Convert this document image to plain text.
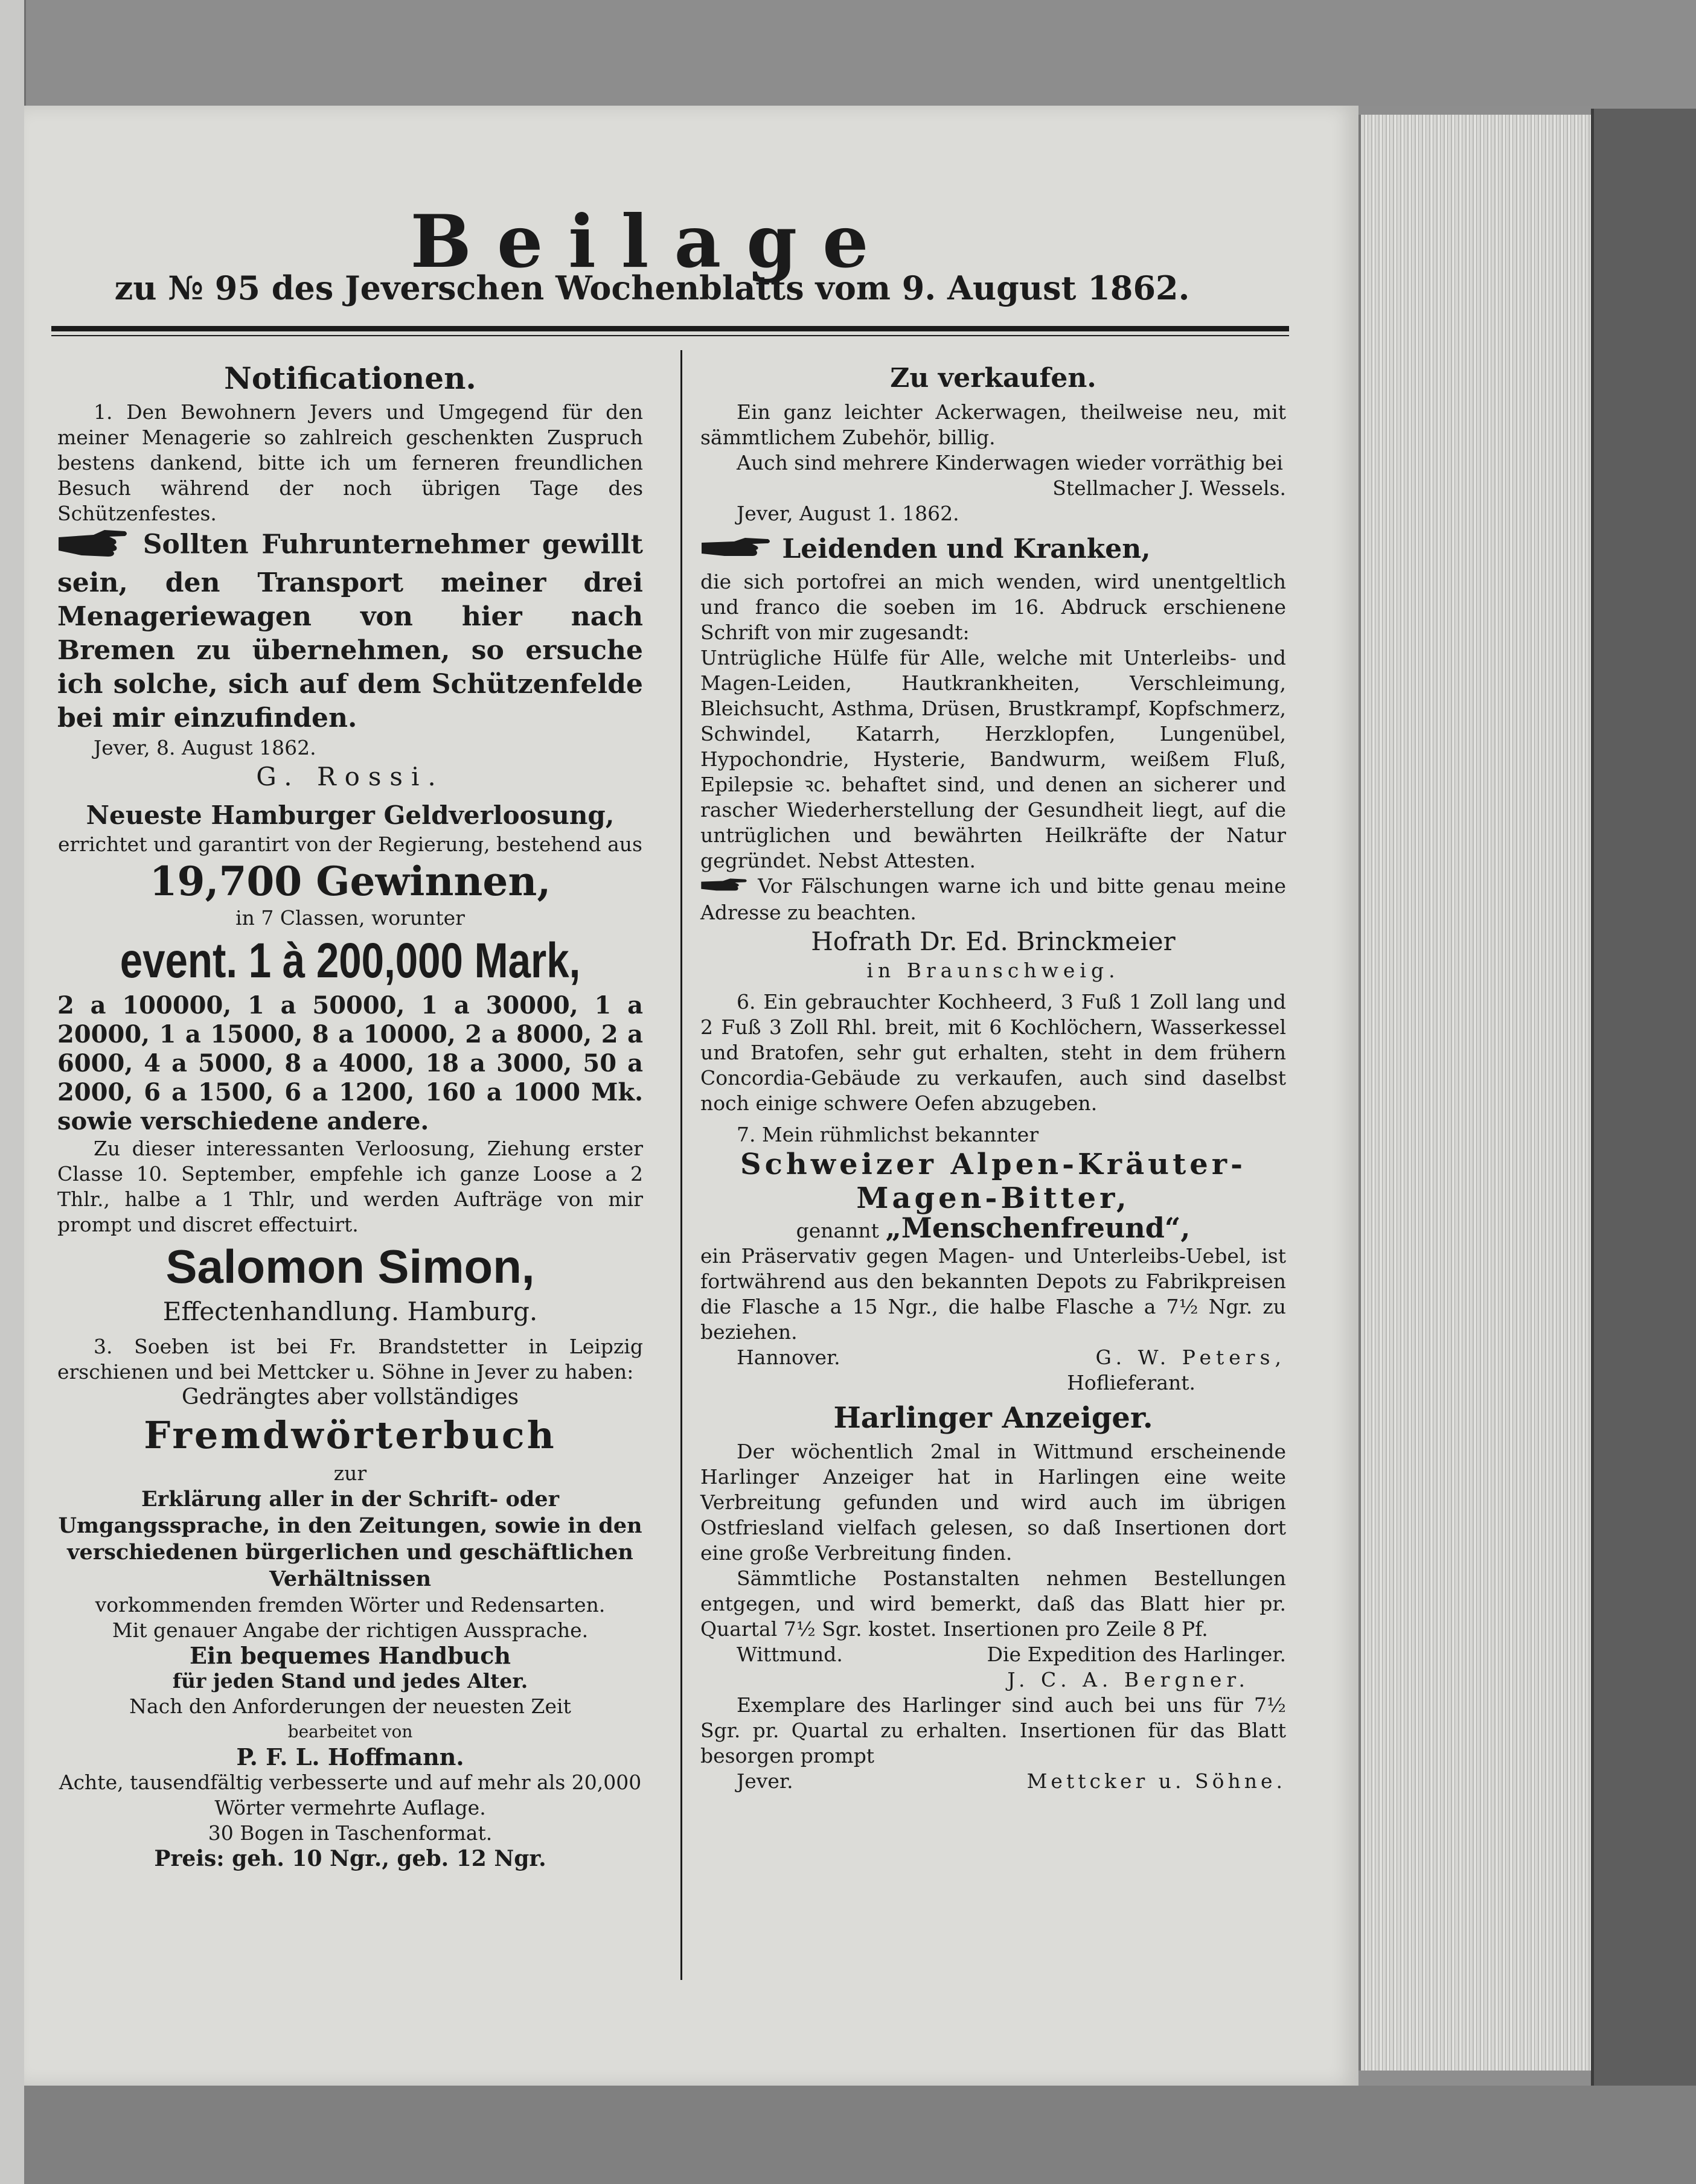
Beilage
zu № 95 des Jeverschen Wochenblatts vom 9. August 1862.

Notificationen.

1. Den Bewohnern Jevers und Umgegend für den meiner Menagerie so zahlreich geschenkten Zuspruch bestens dankend, bitte ich um ferneren freundlichen Besuch während der noch übrigen Tage des Schützenfestes.

Sollten Fuhrunternehmer gewillt sein, den Transport meiner drei Menageriewagen von hier nach Bremen zu übernehmen, so ersuche ich solche, sich auf dem Schützenfelde bei mir einzufinden.

Jever, 8. August 1862.

G. Rossi.

Neueste Hamburger Geldverloosung,

errichtet und garantirt von der Regierung, bestehend aus

19,700 Gewinnen,

in 7 Classen, worunter

event. 1 à 200,000 Mark,

2 a 100000, 1 a 50000, 1 a 30000, 1 a 20000, 1 a 15000, 8 a 10000, 2 a 8000, 2 a 6000, 4 a 5000, 8 a 4000, 18 a 3000, 50 a 2000, 6 a 1500, 6 a 1200, 160 a 1000 Mk. sowie verschiedene andere.

Zu dieser interessanten Verloosung, Ziehung erster Classe 10. September, empfehle ich ganze Loose a 2 Thlr., halbe a 1 Thlr, und werden Aufträge von mir prompt und discret effectuirt.

Salomon Simon,

Effectenhandlung. Hamburg.

3. Soeben ist bei Fr. Brandstetter in Leipzig erschienen und bei Mettcker u. Söhne in Jever zu haben:

Gedrängtes aber vollständiges

Fremdwörterbuch

zur

Erklärung aller in der Schrift- oder Umgangssprache, in den Zeitungen, sowie in den verschiedenen bürgerlichen und geschäftlichen Verhältnissen

vorkommenden fremden Wörter und Redensarten.

Mit genauer Angabe der richtigen Aussprache.

Ein bequemes Handbuch

für jeden Stand und jedes Alter.

Nach den Anforderungen der neuesten Zeit

bearbeitet von

P. F. L. Hoffmann.

Achte, tausendfältig verbesserte und auf mehr als 20,000 Wörter vermehrte Auflage.

30 Bogen in Taschenformat.

Preis: geh. 10 Ngr., geb. 12 Ngr.

Zu verkaufen.

Ein ganz leichter Ackerwagen, theilweise neu, mit sämmtlichem Zubehör, billig.

Auch sind mehrere Kinderwagen wieder vorräthig bei

Stellmacher J. Wessels.

Jever, August 1. 1862.

Leidenden und Kranken,

die sich portofrei an mich wenden, wird unentgeltlich und franco die soeben im 16. Abdruck erschienene Schrift von mir zugesandt:

Untrügliche Hülfe für Alle, welche mit Unterleibs- und Magen-Leiden, Hautkrankheiten, Verschleimung, Bleichsucht, Asthma, Drüsen, Brustkrampf, Kopfschmerz, Schwindel, Katarrh, Herzklopfen, Lungenübel, Hypochondrie, Hysterie, Bandwurm, weißem Fluß, Epilepsie ꝛc. behaftet sind, und denen an sicherer und rascher Wiederherstellung der Gesundheit liegt, auf die untrüglichen und bewährten Heilkräfte der Natur gegründet. Nebst Attesten.

Vor Fälschungen warne ich und bitte genau meine Adresse zu beachten.

Hofrath Dr. Ed. Brinckmeier

in Braunschweig.

6. Ein gebrauchter Kochheerd, 3 Fuß 1 Zoll lang und 2 Fuß 3 Zoll Rhl. breit, mit 6 Kochlöchern, Wasserkessel und Bratofen, sehr gut erhalten, steht in dem frühern Concordia-Gebäude zu verkaufen, auch sind daselbst noch einige schwere Oefen abzugeben.

7. Mein rühmlichst bekannter

Schweizer Alpen-Kräuter-

Magen-Bitter,

genannt „Menschenfreund“,

ein Präservativ gegen Magen- und Unterleibs-Uebel, ist fortwährend aus den bekannten Depots zu Fabrikpreisen die Flasche a 15 Ngr., die halbe Flasche a 7½ Ngr. zu beziehen.

Hannover.	G. W. Peters,

Hoflieferant.

Harlinger Anzeiger.

Der wöchentlich 2mal in Wittmund erscheinende Harlinger Anzeiger hat in Harlingen eine weite Verbreitung gefunden und wird auch im übrigen Ostfriesland vielfach gelesen, so daß Insertionen dort eine große Verbreitung finden.

Sämmtliche Postanstalten nehmen Bestellungen entgegen, und wird bemerkt, daß das Blatt hier pr. Quartal 7½ Sgr. kostet. Insertionen pro Zeile 8 Pf.

Wittmund.	Die Expedition des Harlinger.

J. C. A. Bergner.

Exemplare des Harlinger sind auch bei uns für 7½ Sgr. pr. Quartal zu erhalten. Insertionen für das Blatt besorgen prompt

Jever.	Mettcker u. Söhne.
